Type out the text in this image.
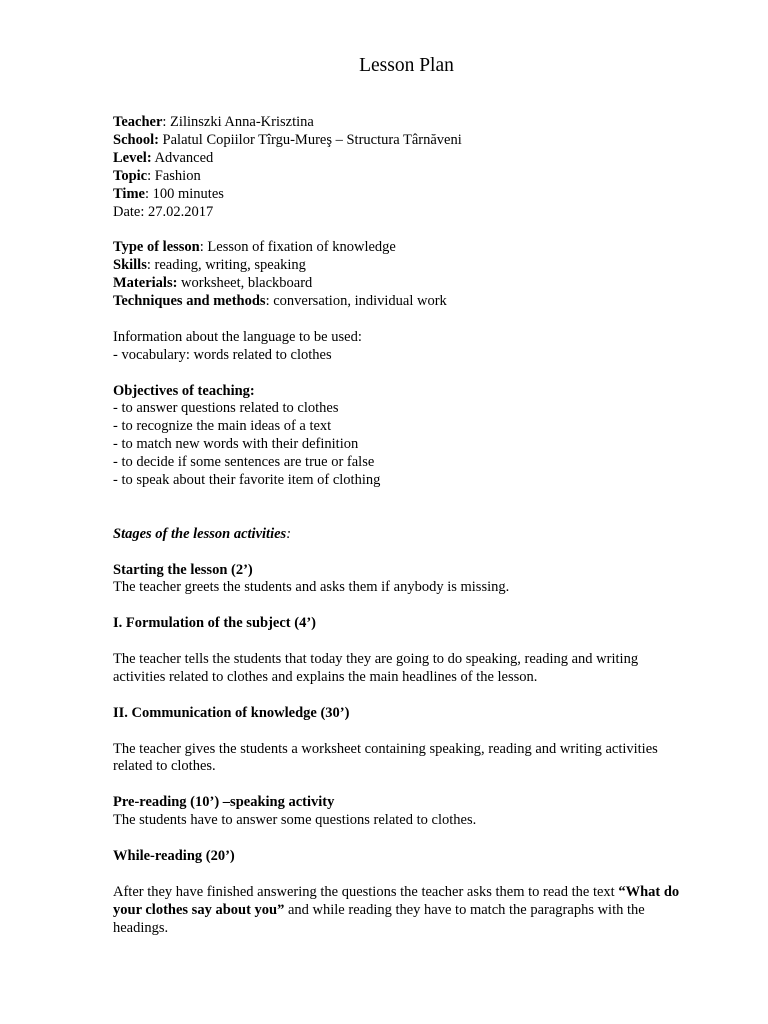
Lesson Plan
Teacher: Zilinszki Anna-Krisztina
School: Palatul Copiilor Tîrgu-Mureş – Structura Târnăveni
Level: Advanced
Topic: Fashion
Time: 100 minutes
Date: 27.02.2017
Type of lesson: Lesson of fixation of knowledge
Skills: reading, writing, speaking
Materials: worksheet, blackboard
Techniques and methods: conversation, individual work
Information about the language to be used:
- vocabulary: words related to clothes
Objectives of teaching:
- to answer questions related to clothes
- to recognize the main ideas of a text
- to match new words with their definition
- to decide if some sentences are true or false
- to speak about their favorite item of clothing
Stages of the lesson activities:
Starting the lesson (2’)
The teacher greets the students and asks them if anybody is missing.
I. Formulation of the subject (4’)
The teacher tells the students that today they are going to do speaking, reading and writing activities related to clothes and explains the main headlines of the lesson.
II. Communication of knowledge (30’)
The teacher gives the students a worksheet containing speaking, reading and writing activities related to clothes.
Pre-reading (10’) –speaking activity
The students have to answer some questions related to clothes.
While-reading (20’)
After they have finished answering the questions the teacher asks them to read the text “What do your clothes say about you” and while reading they have to match the paragraphs with the headings.
